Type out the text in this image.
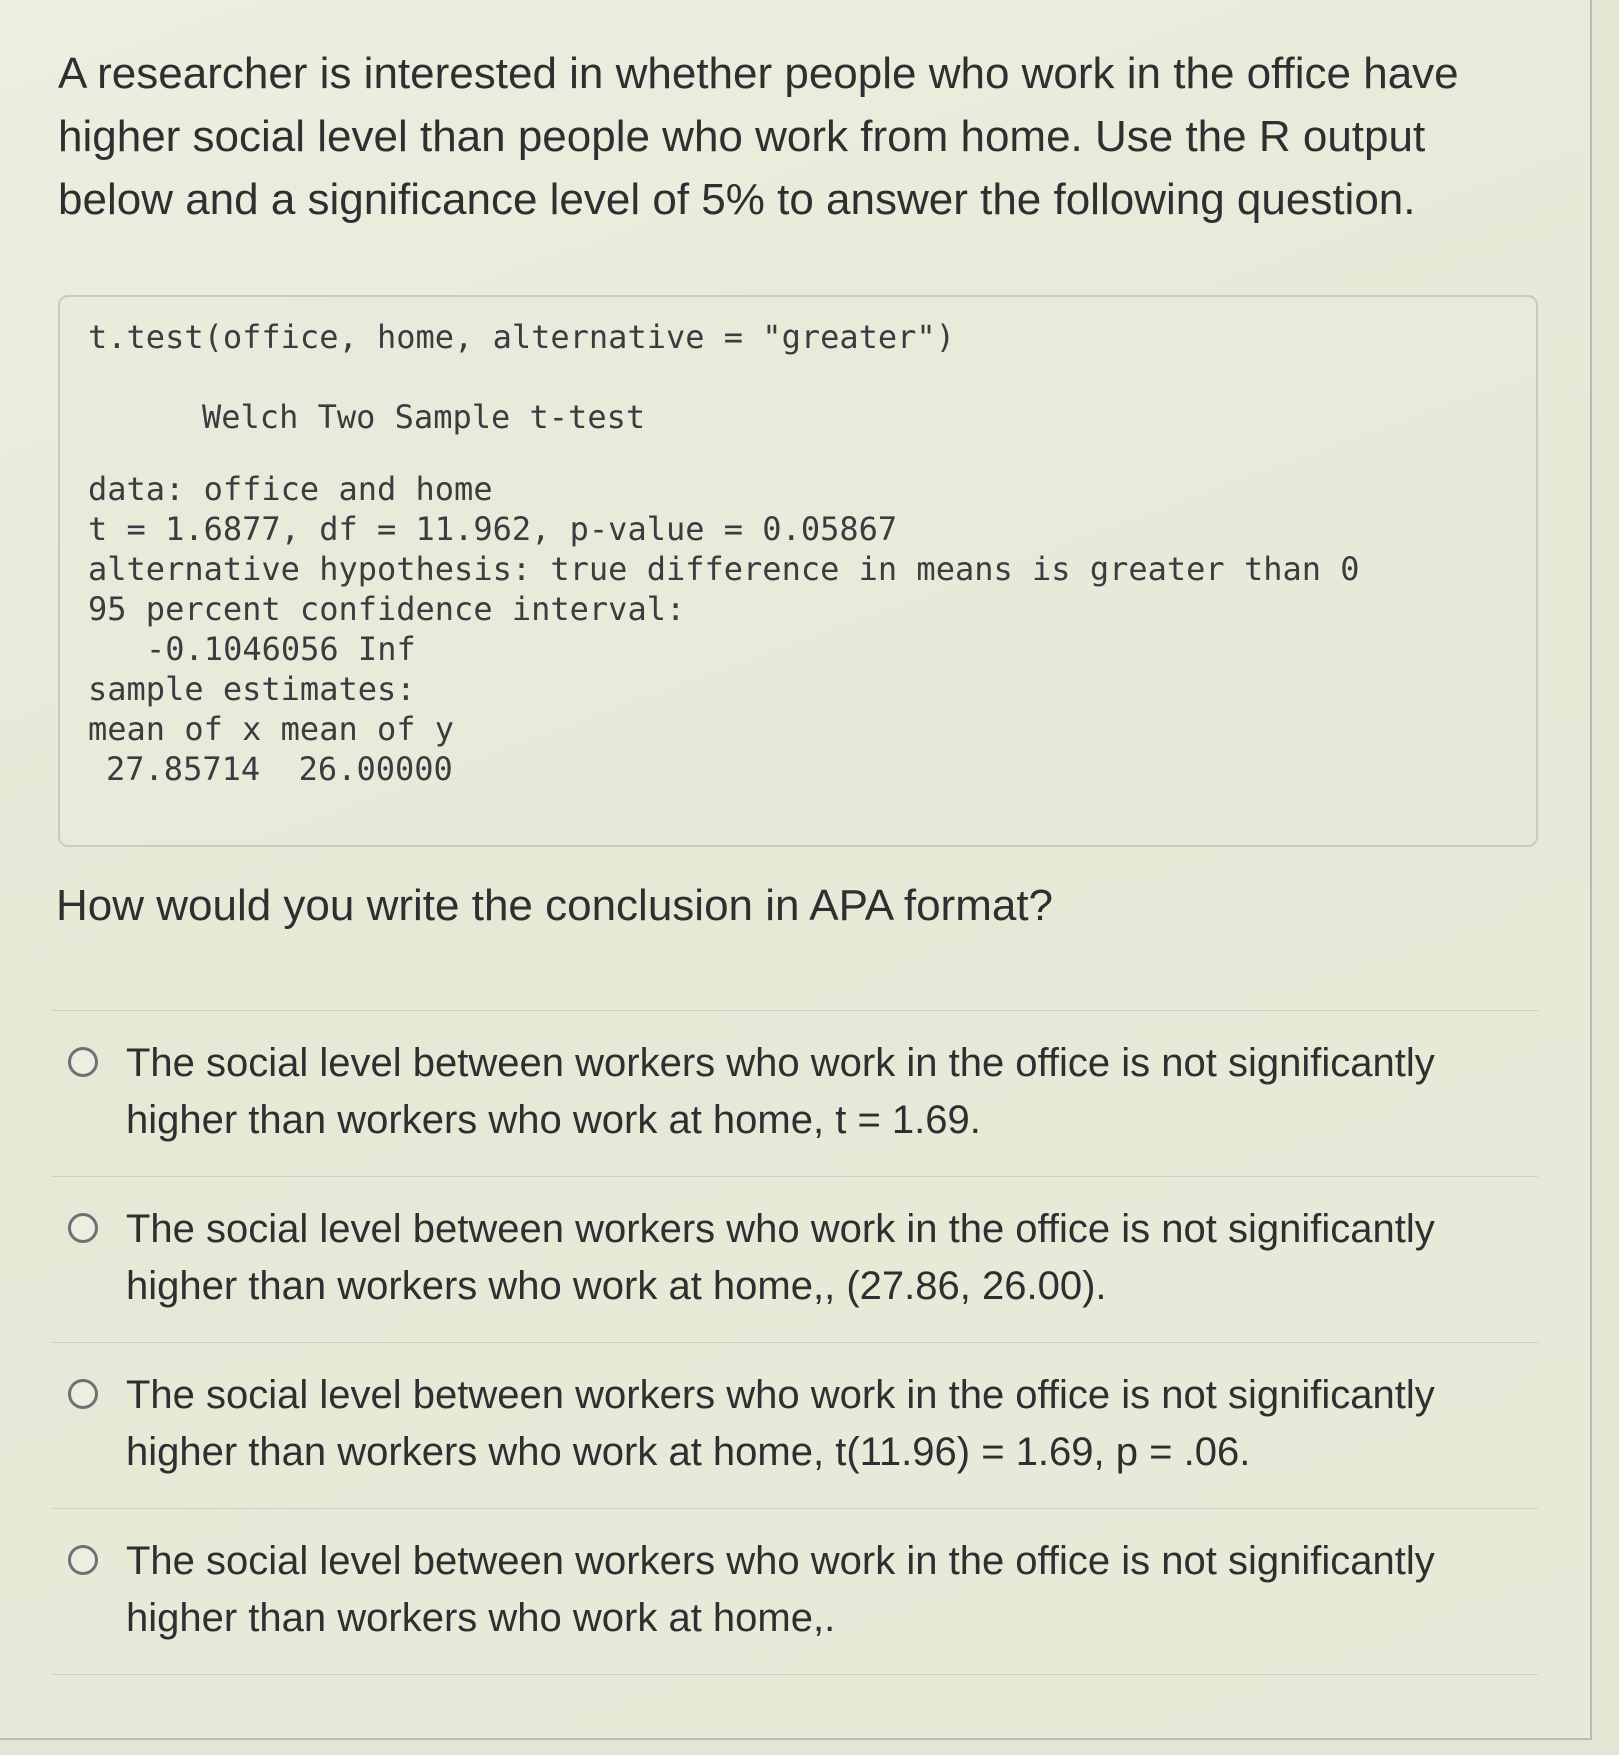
A researcher is interested in whether people who work in the office have higher social level than people who work from home. Use the R output below and a significance level of 5% to answer the following question.

t.test(office, home, alternative = "greater")
Welch Two Sample t-test
data: office and home
t = 1.6877, df = 11.962, p-value = 0.05867
alternative hypothesis: true difference in means is greater than 0
95 percent confidence interval:
-0.1046056 Inf
sample estimates:
mean of x mean of y
27.85714  26.00000
How would you write the conclusion in APA format?
The social level between workers who work in the office is not significantly higher than workers who work at home, t = 1.69.
The social level between workers who work in the office is not significantly higher than workers who work at home,, (27.86, 26.00).
The social level between workers who work in the office is not significantly higher than workers who work at home, t(11.96) = 1.69, p = .06.
The social level between workers who work in the office is not significantly higher than workers who work at home,.
